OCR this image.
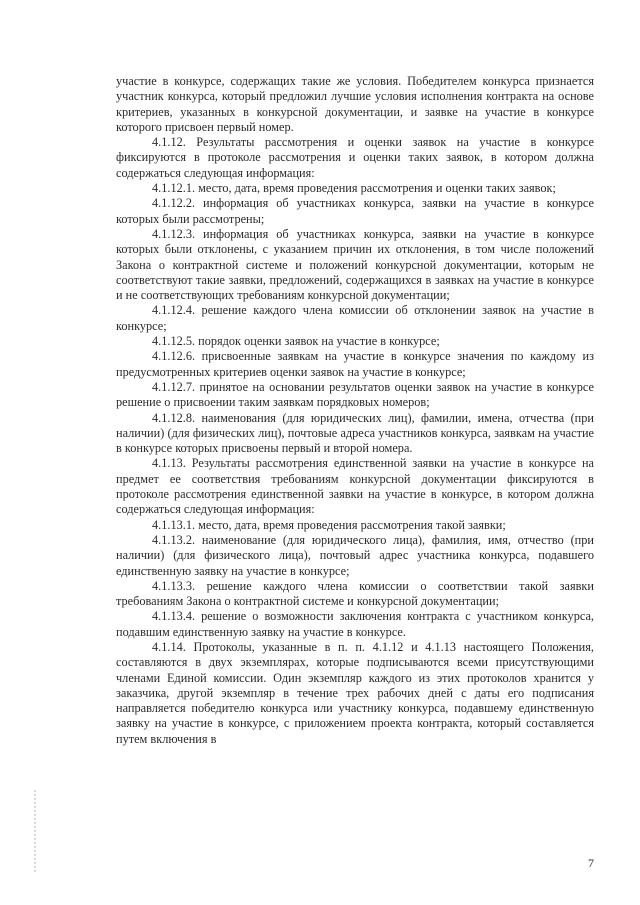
участие в конкурсе, содержащих такие же условия. Победителем конкурса признается участник конкурса, который предложил лучшие условия исполнения контракта на основе критериев, указанных в конкурсной документации, и заявке на участие в конкурсе которого присвоен первый номер.

4.1.12. Результаты рассмотрения и оценки заявок на участие в конкурсе фиксируются в протоколе рассмотрения и оценки таких заявок, в котором должна содержаться следующая информация:

4.1.12.1. место, дата, время проведения рассмотрения и оценки таких заявок;

4.1.12.2. информация об участниках конкурса, заявки на участие в конкурсе которых были рассмотрены;

4.1.12.3. информация об участниках конкурса, заявки на участие в конкурсе которых были отклонены, с указанием причин их отклонения, в том числе положений Закона о контрактной системе и положений конкурсной документации, которым не соответствуют такие заявки, предложений, содержащихся в заявках на участие в конкурсе и не соответствующих требованиям конкурсной документации;

4.1.12.4. решение каждого члена комиссии об отклонении заявок на участие в конкурсе;

4.1.12.5. порядок оценки заявок на участие в конкурсе;

4.1.12.6. присвоенные заявкам на участие в конкурсе значения по каждому из предусмотренных критериев оценки заявок на участие в конкурсе;

4.1.12.7. принятое на основании результатов оценки заявок на участие в конкурсе решение о присвоении таким заявкам порядковых номеров;

4.1.12.8. наименования (для юридических лиц), фамилии, имена, отчества (при наличии) (для физических лиц), почтовые адреса участников конкурса, заявкам на участие в конкурсе которых присвоены первый и второй номера.

4.1.13. Результаты рассмотрения единственной заявки на участие в конкурсе на предмет ее соответствия требованиям конкурсной документации фиксируются в протоколе рассмотрения единственной заявки на участие в конкурсе, в котором должна содержаться следующая информация:

4.1.13.1. место, дата, время проведения рассмотрения такой заявки;

4.1.13.2. наименование (для юридического лица), фамилия, имя, отчество (при наличии) (для физического лица), почтовый адрес участника конкурса, подавшего единственную заявку на участие в конкурсе;

4.1.13.3. решение каждого члена комиссии о соответствии такой заявки требованиям Закона о контрактной системе и конкурсной документации;

4.1.13.4. решение о возможности заключения контракта с участником конкурса, подавшим единственную заявку на участие в конкурсе.

4.1.14. Протоколы, указанные в п. п. 4.1.12 и 4.1.13 настоящего Положения, составляются в двух экземплярах, которые подписываются всеми присутствующими членами Единой комиссии. Один экземпляр каждого из этих протоколов хранится у заказчика, другой экземпляр в течение трех рабочих дней с даты его подписания направляется победителю конкурса или участнику конкурса, подавшему единственную заявку на участие в конкурсе, с приложением проекта контракта, который составляется путем включения в

7
